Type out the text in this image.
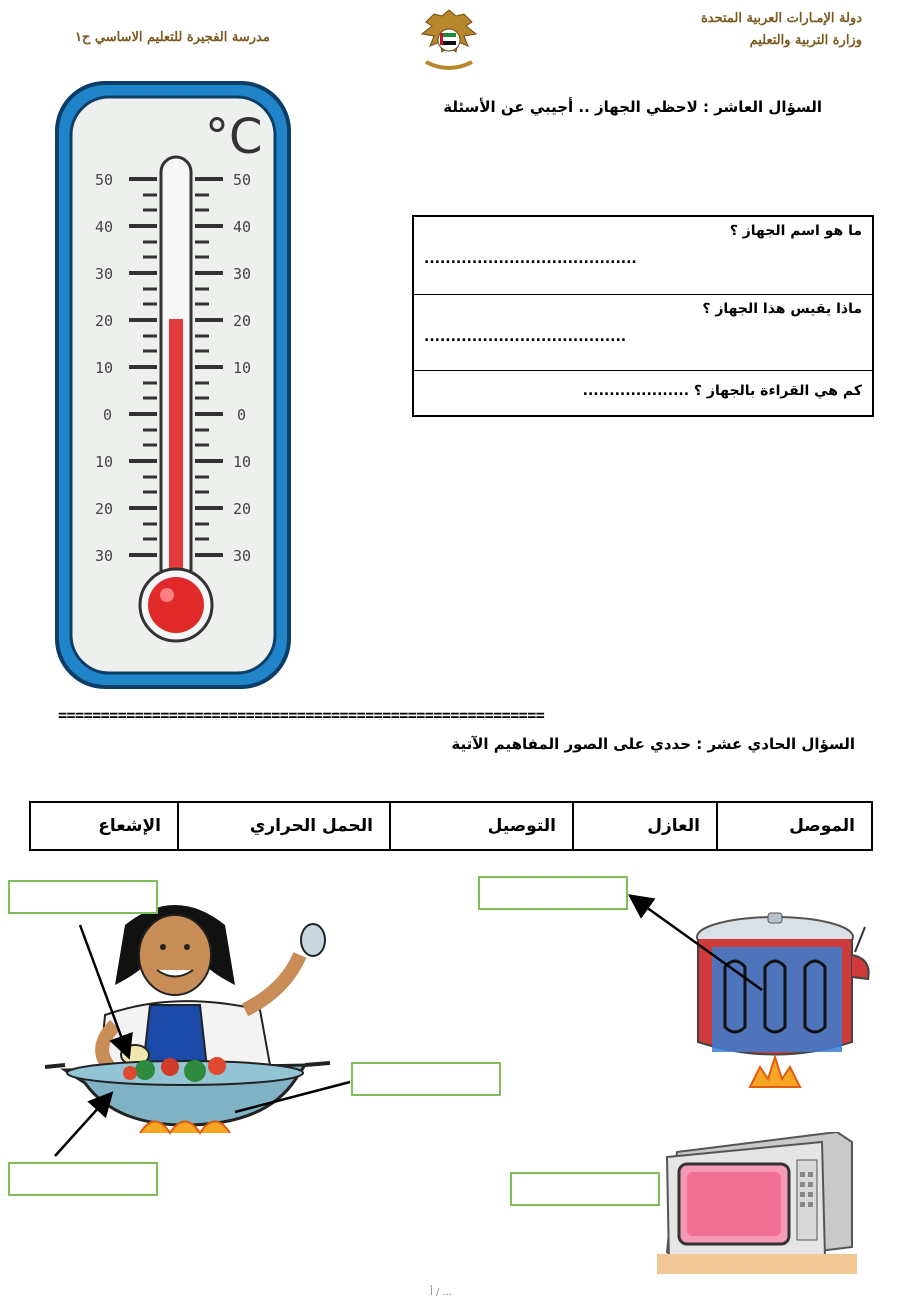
دولة الإمـارات العربية المتحدة
وزارة التربية والتعليم
مدرسة الفجيرة للتعليم الاساسي ح١
°C
50
40
30
20
10
0
10
20
30
50
40
30
20
10
0
10
20
30
السؤال العاشر : لاحظي الجهاز .. أجيبي عن الأسئلة
ما هو اسم الجهاز ؟
........................................
ماذا يقيس هذا الجهاز ؟
......................................
كم هي القراءة بالجهاز ؟ ....................
=========================================================
السؤال الحادي عشر : حددي على الصور المفاهيم الآتية
الموصل
العازل
التوصيل
الحمل الحراري
الإشعاع
أ / ...
